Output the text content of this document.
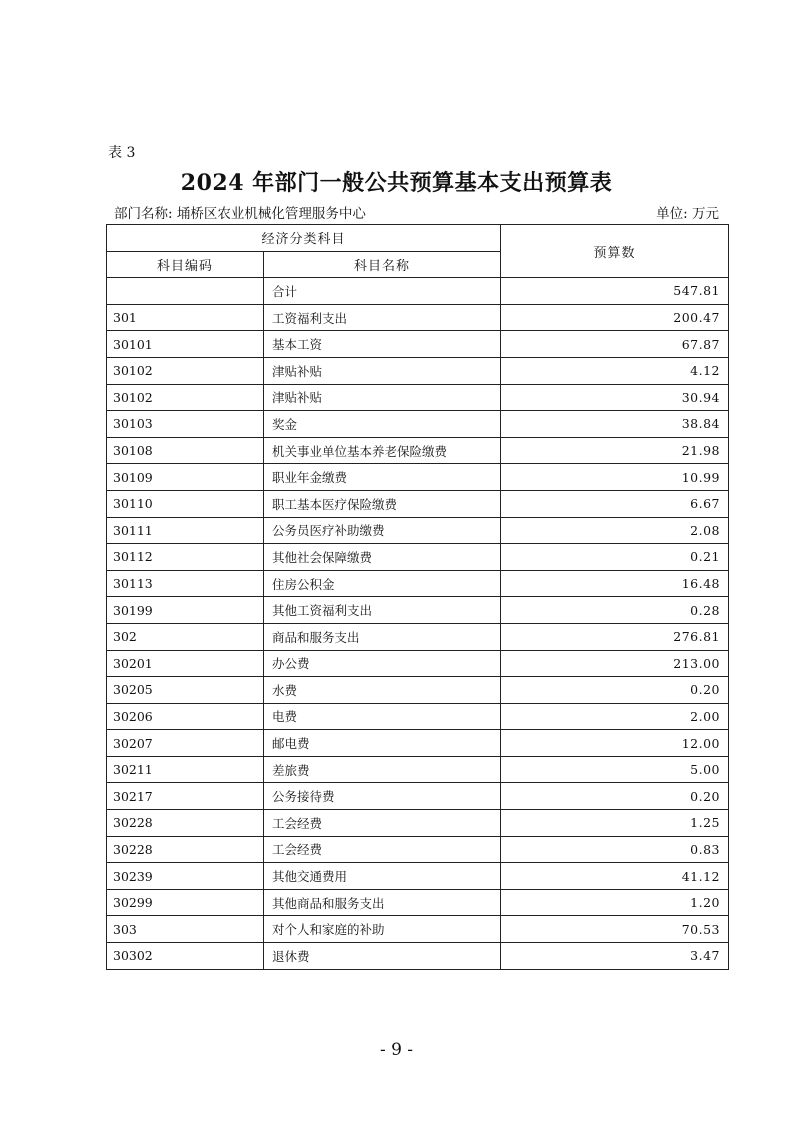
表 3
2024 年部门一般公共预算基本支出预算表
部门名称: 埇桥区农业机械化管理服务中心	单位: 万元
经济分类科目		预算数
科目编码	科目名称	
	合计	547.81
301	工资福利支出	200.47
30101	基本工资	67.87
30102	津贴补贴	4.12
30102	津贴补贴	30.94
30103	奖金	38.84
30108	机关事业单位基本养老保险缴费	21.98
30109	职业年金缴费	10.99
30110	职工基本医疗保险缴费	6.67
30111	公务员医疗补助缴费	2.08
30112	其他社会保障缴费	0.21
30113	住房公积金	16.48
30199	其他工资福利支出	0.28
302	商品和服务支出	276.81
30201	办公费	213.00
30205	水费	0.20
30206	电费	2.00
30207	邮电费	12.00
30211	差旅费	5.00
30217	公务接待费	0.20
30228	工会经费	1.25
30228	工会经费	0.83
30239	其他交通费用	41.12
30299	其他商品和服务支出	1.20
303	对个人和家庭的补助	70.53
30302	退休费	3.47
- 9 -
